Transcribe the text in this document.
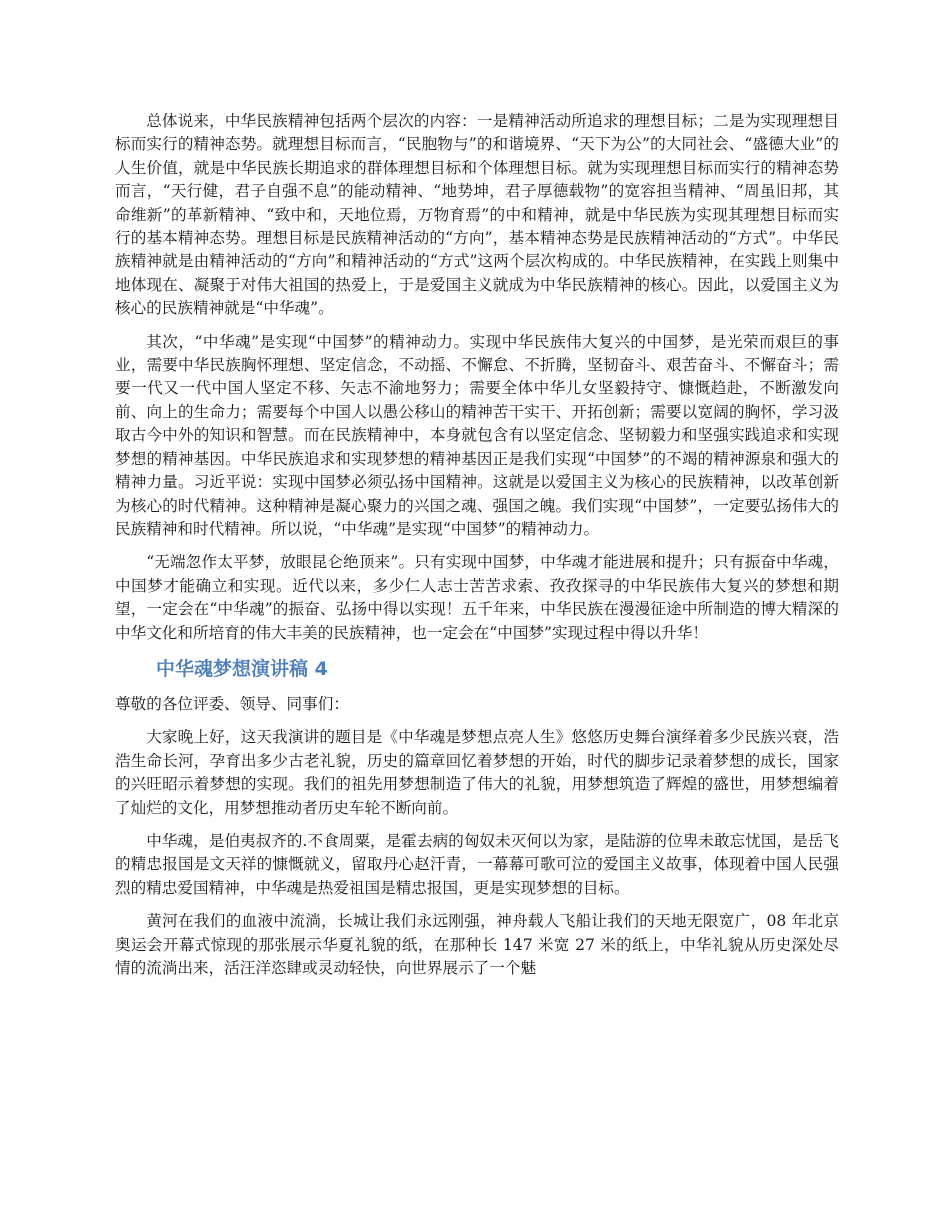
总体说来，中华民族精神包括两个层次的内容：一是精神活动所追求的理想目标；二是为实现理想目标而实行的精神态势。就理想目标而言，“民胞物与”的和谐境界、“天下为公”的大同社会、“盛德大业”的人生价值，就是中华民族长期追求的群体理想目标和个体理想目标。就为实现理想目标而实行的精神态势而言，“天行健，君子自强不息”的能动精神、“地势坤，君子厚德载物”的宽容担当精神、“周虽旧邦，其命维新”的革新精神、“致中和，天地位焉，万物育焉”的中和精神，就是中华民族为实现其理想目标而实行的基本精神态势。理想目标是民族精神活动的“方向”，基本精神态势是民族精神活动的“方式”。中华民族精神就是由精神活动的“方向”和精神活动的“方式”这两个层次构成的。中华民族精神，在实践上则集中地体现在、凝聚于对伟大祖国的热爱上，于是爱国主义就成为中华民族精神的核心。因此，以爱国主义为核心的民族精神就是“中华魂”。

其次，“中华魂”是实现“中国梦”的精神动力。实现中华民族伟大复兴的中国梦，是光荣而艰巨的事业，需要中华民族胸怀理想、坚定信念，不动摇、不懈怠、不折腾，坚韧奋斗、艰苦奋斗、不懈奋斗；需要一代又一代中国人坚定不移、矢志不渝地努力；需要全体中华儿女坚毅持守、慷慨趋赴，不断激发向前、向上的生命力；需要每个中国人以愚公移山的精神苦干实干、开拓创新；需要以宽阔的胸怀，学习汲取古今中外的知识和智慧。而在民族精神中，本身就包含有以坚定信念、坚韧毅力和坚强实践追求和实现梦想的精神基因。中华民族追求和实现梦想的精神基因正是我们实现“中国梦”的不竭的精神源泉和强大的精神力量。习近平说：实现中国梦必须弘扬中国精神。这就是以爱国主义为核心的民族精神，以改革创新为核心的时代精神。这种精神是凝心聚力的兴国之魂、强国之魄。我们实现“中国梦”，一定要弘扬伟大的民族精神和时代精神。所以说，“中华魂”是实现“中国梦”的精神动力。

“无端忽作太平梦，放眼昆仑绝顶来”。只有实现中国梦，中华魂才能进展和提升；只有振奋中华魂，中国梦才能确立和实现。近代以来，多少仁人志士苦苦求索、孜孜探寻的中华民族伟大复兴的梦想和期望，一定会在“中华魂”的振奋、弘扬中得以实现！五千年来，中华民族在漫漫征途中所制造的博大精深的中华文化和所培育的伟大丰美的民族精神，也一定会在“中国梦”实现过程中得以升华！

中华魂梦想演讲稿 4

尊敬的各位评委、领导、同事们：

大家晚上好，这天我演讲的题目是《中华魂是梦想点亮人生》悠悠历史舞台演绎着多少民族兴衰，浩浩生命长河，孕育出多少古老礼貌，历史的篇章回忆着梦想的开始，时代的脚步记录着梦想的成长，国家的兴旺昭示着梦想的实现。我们的祖先用梦想制造了伟大的礼貌，用梦想筑造了辉煌的盛世，用梦想编着了灿烂的文化，用梦想推动者历史车轮不断向前。

中华魂，是伯夷叔齐的.不食周粟，是霍去病的匈奴未灭何以为家，是陆游的位卑未敢忘忧国，是岳飞的精忠报国是文天祥的慷慨就义，留取丹心赵汗青，一幕幕可歌可泣的爱国主义故事，体现着中国人民强烈的精忠爱国精神，中华魂是热爱祖国是精忠报国，更是实现梦想的目标。

黄河在我们的血液中流淌，长城让我们永远刚强，神舟载人飞船让我们的天地无限宽广，08 年北京奥运会开幕式惊现的那张展示华夏礼貌的纸，在那种长 147 米宽 27 米的纸上，中华礼貌从历史深处尽情的流淌出来，活汪洋恣肆或灵动轻快，向世界展示了一个魅
